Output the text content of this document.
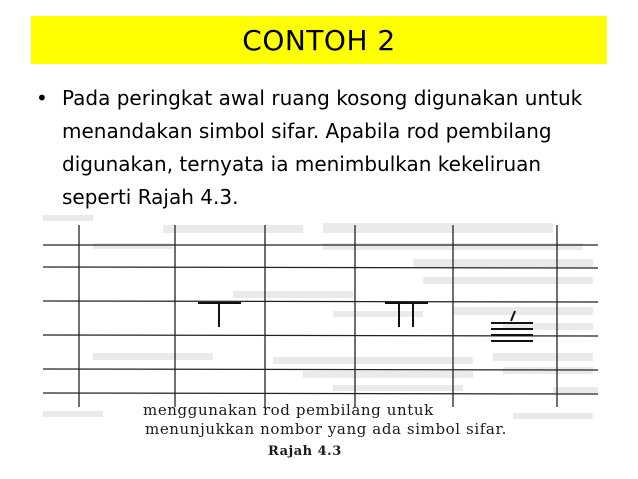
CONTOH 2
• Pada peringkat awal ruang kosong digunakan untuk menandakan simbol sifar. Apabila rod pembilang digunakan, ternyata ia menimbulkan kekeliruan seperti Rajah 4.3.
menggunakan rod pembilang untuk
menunjukkan nombor yang ada simbol sifar.
Rajah 4.3
